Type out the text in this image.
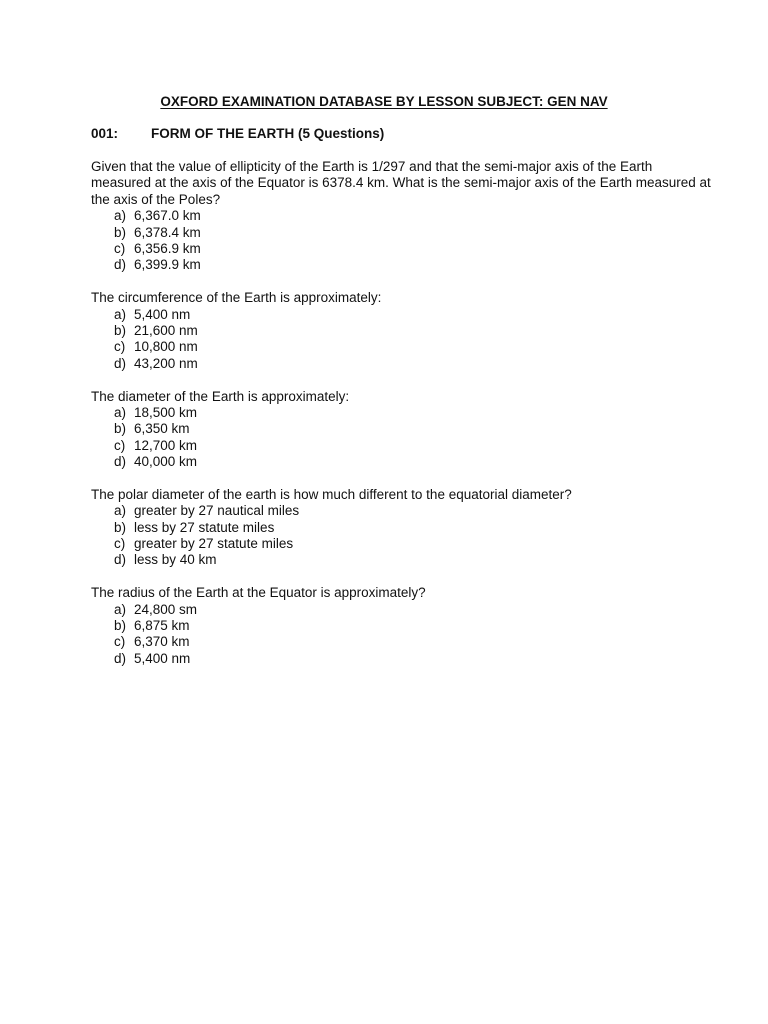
OXFORD EXAMINATION DATABASE BY LESSON SUBJECT: GEN NAV
001:	FORM OF THE EARTH (5 Questions)

Given that the value of ellipticity of the Earth is 1/297 and that the semi-major axis of the Earth measured at the axis of the Equator is 6378.4 km. What is the semi-major axis of the Earth measured at the axis of the Poles?

a) 6,367.0 km
b) 6,378.4 km
c) 6,356.9 km
d) 6,399.9 km

The circumference of the Earth is approximately:

a) 5,400 nm
b) 21,600 nm
c) 10,800 nm
d) 43,200 nm

The diameter of the Earth is approximately:

a) 18,500 km
b) 6,350 km
c) 12,700 km
d) 40,000 km

The polar diameter of the earth is how much different to the equatorial diameter?

a) greater by 27 nautical miles
b) less by 27 statute miles
c) greater by 27 statute miles
d) less by 40 km

The radius of the Earth at the Equator is approximately?

a) 24,800 sm
b) 6,875 km
c) 6,370 km
d) 5,400 nm
